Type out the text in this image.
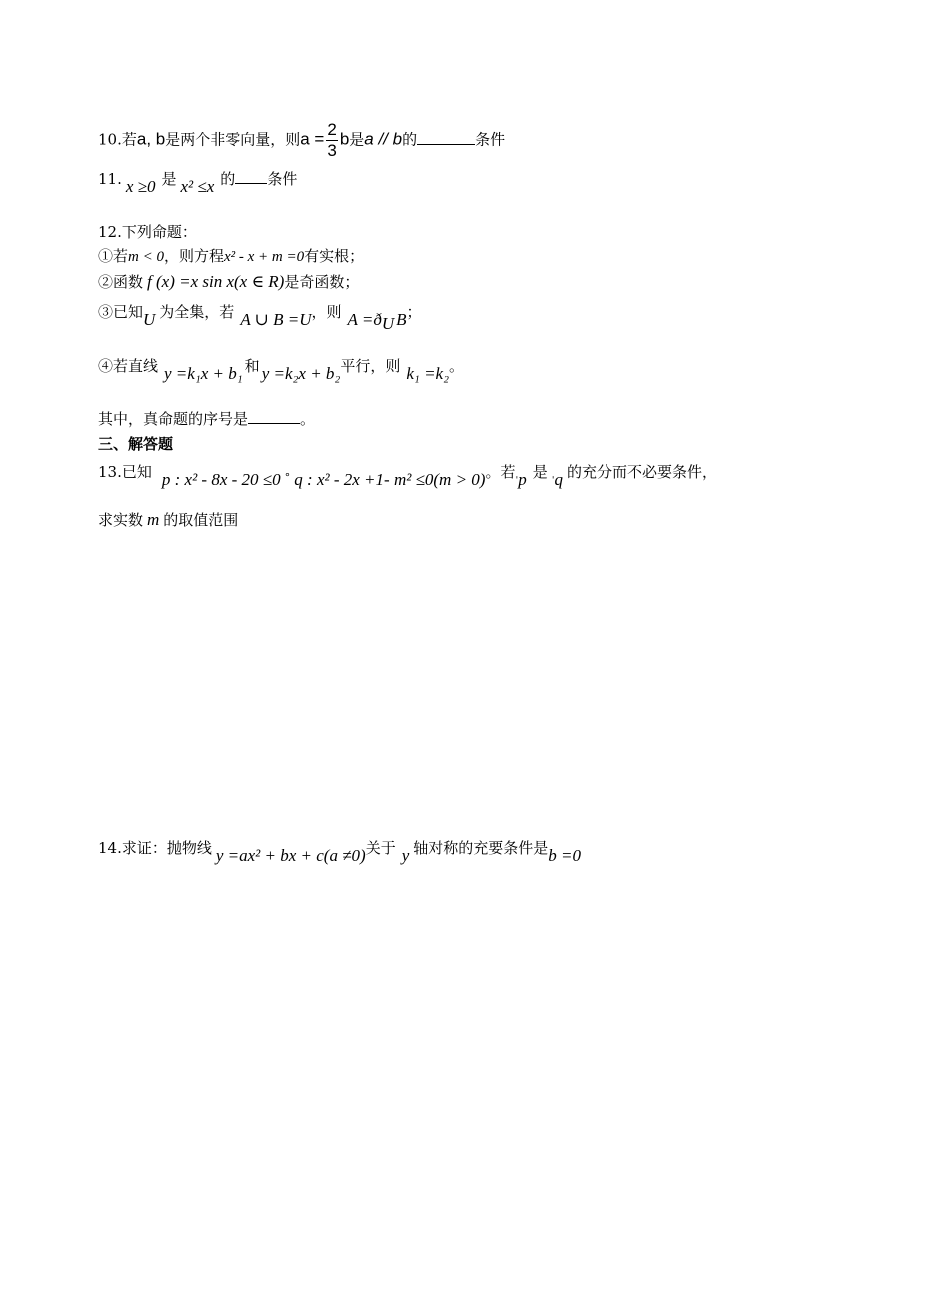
10.若a, b是两个非零向量，则$a = \frac{2}{3}$ b是a // b的	条件
11. x ≥0 是 x² ≤x 的 条件
12.下列命题：
①若m < 0，则方程x² - x + m =0有实根；
②函数 f (x) =x sin x(x ∈ R)是奇函数；
③已知U 为全集，若 A ∪ B =U，则 $A =ð_U$ B；
④若直线 y =k₁x + b₁ 和 y =k₂x + b₂平行，则 k₁ =k₂。
其中，真命题的序号是	。
三、解答题
13.已知 p : x² - 8x - 20 ≤0 ˚ q : x² - 2x +1- m² ≤0(m > 0)。若ˌp 是 ˌq 的充分而不必要条件，
求实数 m 的取值范围
14.求证：抛物线 y =ax² + bx + c(a ≠0)关于 y 轴对称的充要条件是b =0
